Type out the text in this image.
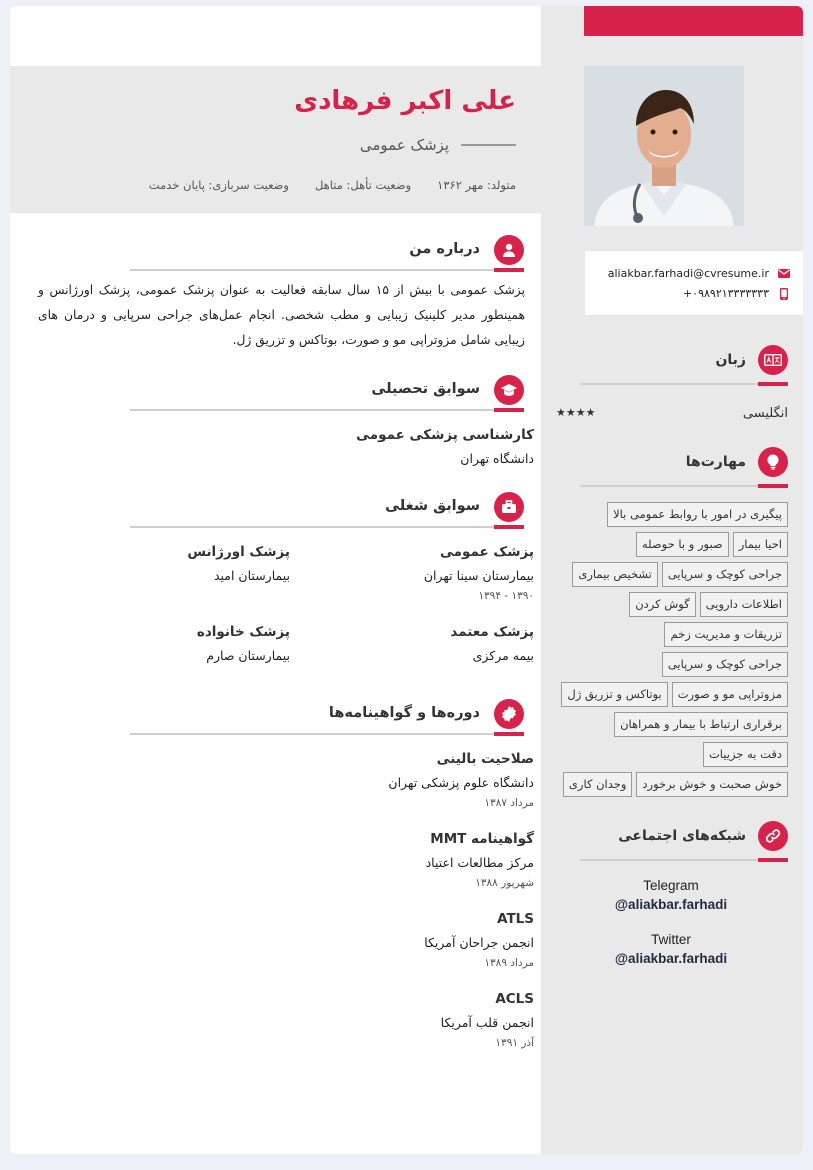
علی اکبر فرهادی
پزشک عمومی
متولد: مهر ۱۳۶۲
وضعیت تأهل: متاهل
وضعیت سربازی: پایان خدمت
درباره من
پزشک عمومی با بیش از ۱۵ سال سابقه فعالیت به عنوان پزشک عمومی، پزشک اورژانس و همینطور مدیر کلینیک زیبایی و مطب شخصی. انجام عمل‌های جراحی سرپایی و درمان های زیبایی شامل مزوتراپی مو و صورت، بوتاکس و تزریق ژل.
سوابق تحصیلی
کارشناسی پزشکی عمومی
دانشگاه تهران
سوابق شغلی
پزشک عمومی
بیمارستان سینا تهران
۱۳۹۰ - ۱۳۹۴
پزشک اورژانس
بیمارستان امید
پزشک معتمد
بیمه مرکزی
پزشک خانواده
بیمارستان صارم
دوره‌ها و گواهینامه‌ها
صلاحیت بالینی
دانشگاه علوم پزشکی تهران
مرداد ۱۳۸۷
گواهینامه MMT
مرکز مطالعات اعتیاد
شهریور ۱۳۸۸
ATLS
انجمن جراحان آمریکا
مرداد ۱۳۸۹
ACLS
انجمن قلب آمریکا
آذر ۱۳۹۱
aliakbar.farhadi@cvresume.ir
+۰۹۸۹۲۱۳۳۳۳۳۳۳
زبان
انگلیسی
★★★★
مهارت‌ها
پیگیری در امور با روابط عمومی بالا
احیا بیمار
صبور و با حوصله
جراحی کوچک و سرپایی
تشخیص بیماری
اطلاعات دارویی
گوش کردن
تزریقات و مدیریت زخم
جراحی کوچک و سرپایی
مزوتراپی مو و صورت
بوتاکس و تزریق ژل
برقراری ارتباط با بیمار و همراهان
دقت به جزییات
خوش صحبت و خوش برخورد
وجدان کاری
شبکه‌های اجتماعی
Telegram
@aliakbar.farhadi
Twitter
@aliakbar.farhadi
